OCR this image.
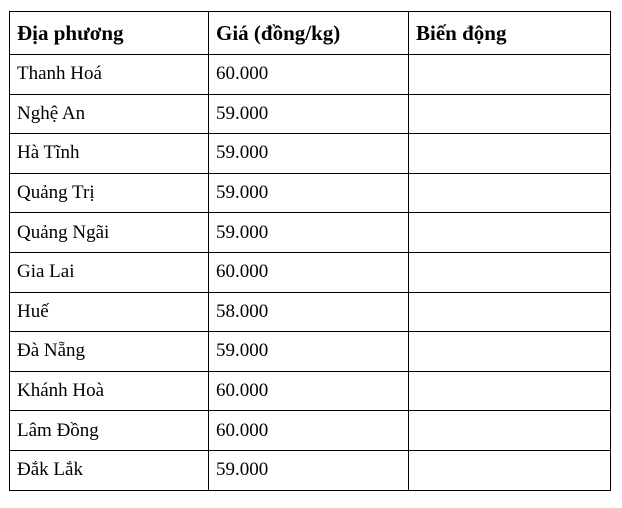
Địa phương	Giá (đồng/kg)	Biến động
Thanh Hoá	60.000	
Nghệ An	59.000	
Hà Tĩnh	59.000	
Quảng Trị	59.000	
Quảng Ngãi	59.000	
Gia Lai	60.000	
Huế	58.000	
Đà Nẵng	59.000	
Khánh Hoà	60.000	
Lâm Đồng	60.000	
Đắk Lắk	59.000	
